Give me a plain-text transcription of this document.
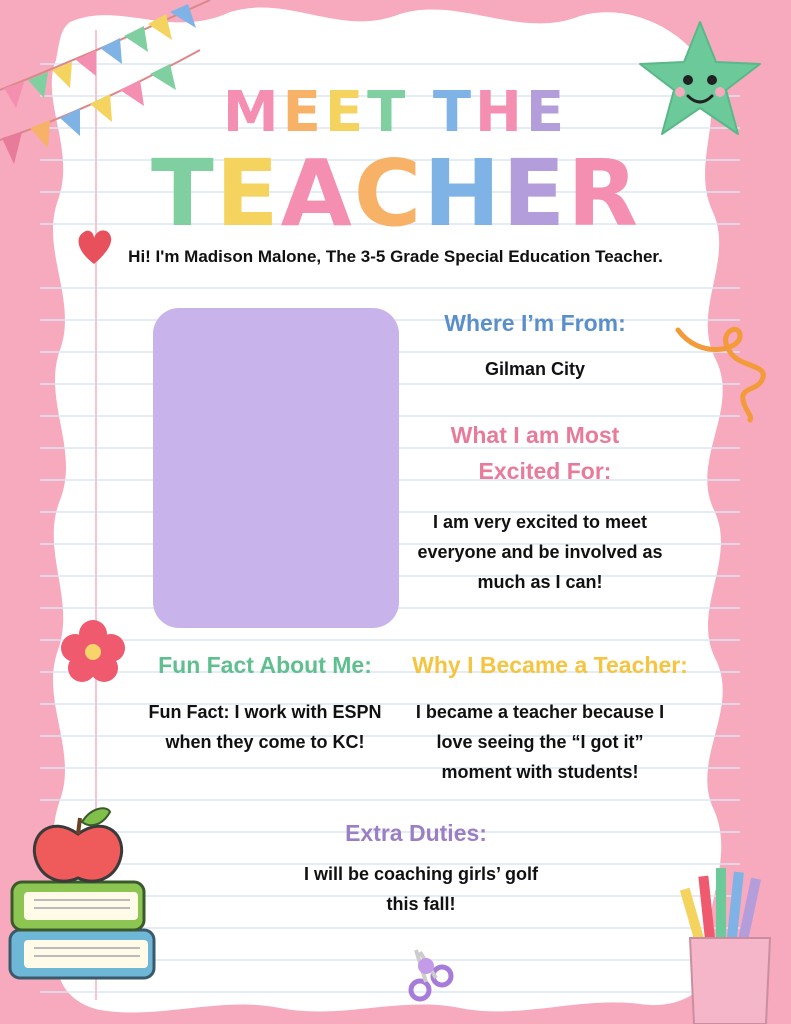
MEET THE
TEACHER
Hi! I'm Madison Malone, The 3-5 Grade Special Education Teacher.
Where I’m From:
Gilman City
What I am Most
Excited For:
I am very excited to meet
everyone and be involved as
much as I can!
Fun Fact About Me:
Fun Fact: I work with ESPN
when they come to KC!
Why I Became a Teacher:
I became a teacher because I
love seeing the “I got it”
moment with students!
Extra Duties:
I will be coaching girls’ golf
this fall!
